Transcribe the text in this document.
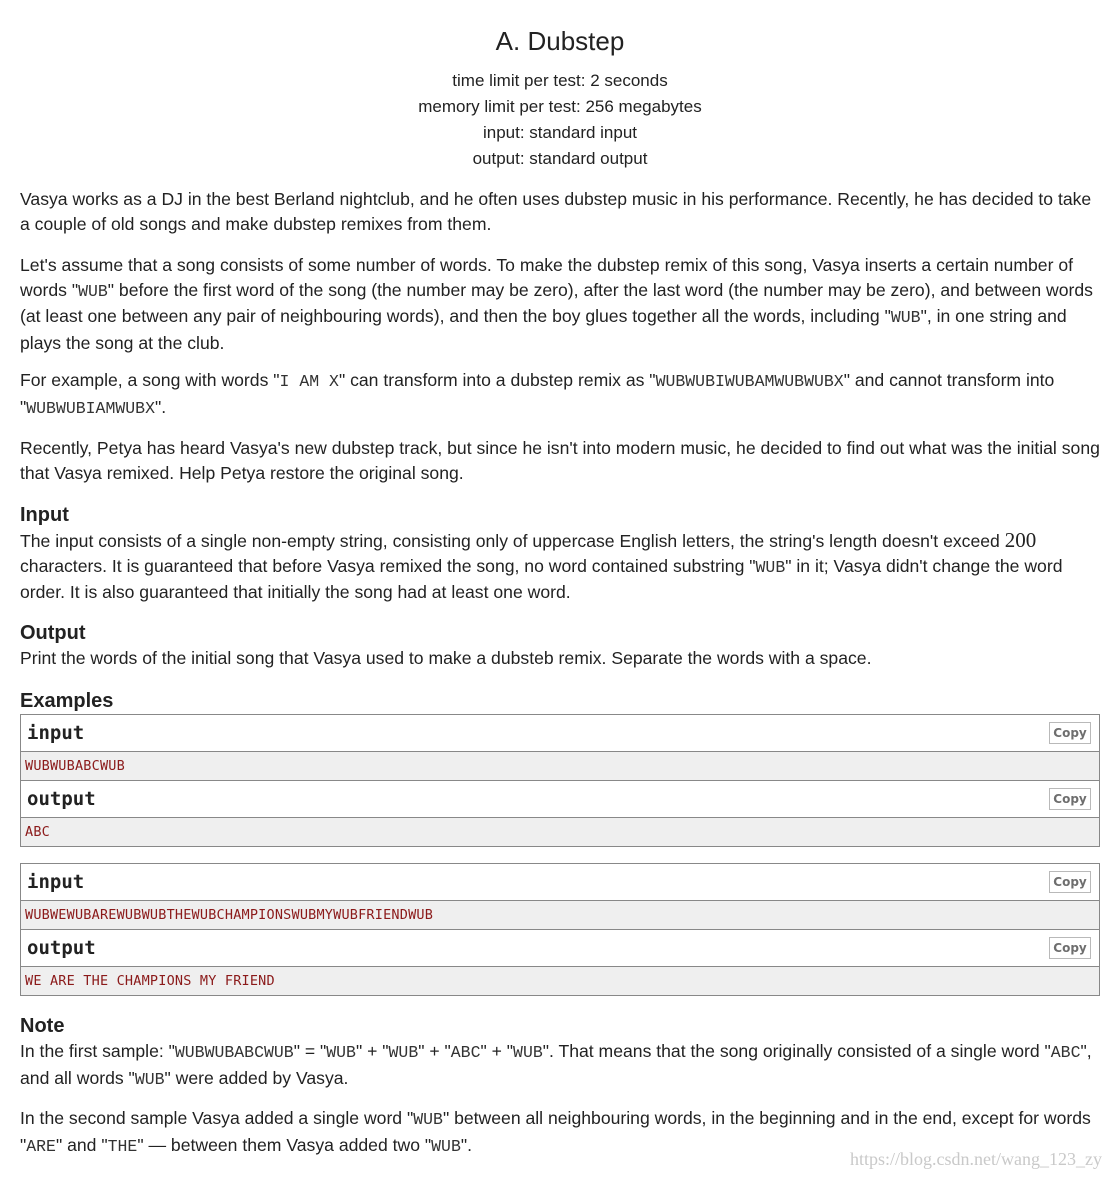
A. Dubstep
time limit per test: 2 seconds
memory limit per test: 256 megabytes
input: standard input
output: standard output

Vasya works as a DJ in the best Berland nightclub, and he often uses dubstep music in his performance. Recently, he has decided to take a couple of old songs and make dubstep remixes from them.

Let's assume that a song consists of some number of words. To make the dubstep remix of this song, Vasya inserts a certain number of words "WUB" before the first word of the song (the number may be zero), after the last word (the number may be zero), and between words (at least one between any pair of neighbouring words), and then the boy glues together all the words, including "WUB", in one string and plays the song at the club.

For example, a song with words "I AM X" can transform into a dubstep remix as "WUBWUBIWUBAMWUBWUBX" and cannot transform into "WUBWUBIAMWUBX".

Recently, Petya has heard Vasya's new dubstep track, but since he isn't into modern music, he decided to find out what was the initial song that Vasya remixed. Help Petya restore the original song.

Input

The input consists of a single non-empty string, consisting only of uppercase English letters, the string's length doesn't exceed 200 characters. It is guaranteed that before Vasya remixed the song, no word contained substring "WUB" in it; Vasya didn't change the word order. It is also guaranteed that initially the song had at least one word.

Output

Print the words of the initial song that Vasya used to make a dubsteb remix. Separate the words with a space.

Examples
input	Copy
WUBWUBABCWUB
output	Copy
ABC
input	Copy
WUBWEWUBAREWUBWUBTHEWUBCHAMPIONSWUBMYWUBFRIENDWUB
output	Copy
WE ARE THE CHAMPIONS MY FRIEND
Note

In the first sample: "WUBWUBABCWUB" = "WUB" + "WUB" + "ABC" + "WUB". That means that the song originally consisted of a single word "ABC", and all words "WUB" were added by Vasya.

In the second sample Vasya added a single word "WUB" between all neighbouring words, in the beginning and in the end, except for words "ARE" and "THE" — between them Vasya added two "WUB".

https://blog.csdn.net/wang_123_zy
